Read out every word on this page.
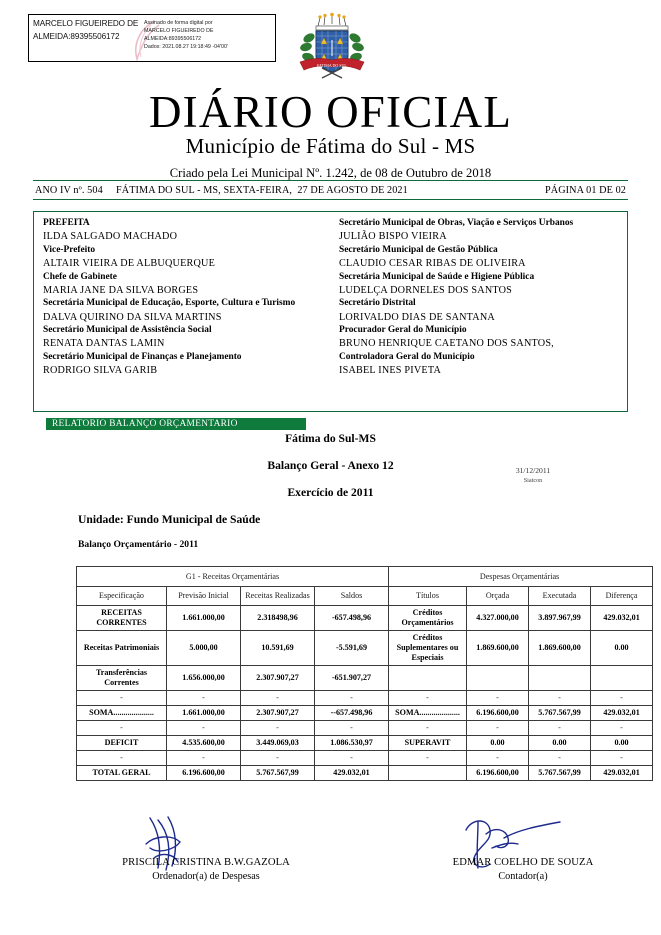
MARCELO FIGUEIREDO DE ALMEIDA:89395506172
Assinado de forma digital por
MARCELO FIGUEIREDO DE
ALMEIDA:89395506172
Dados: 2021.08.27 19:18:49 -04'00'
FATIMA DO SUL
DIÁRIO OFICIAL
Município de Fátima do Sul - MS
Criado pela Lei Municipal Nº. 1.242, de 08 de Outubro de 2018
ANO IV nº. 504     FÁTIMA DO SUL - MS, SEXTA-FEIRA,  27 DE AGOSTO DE 2021	PÁGINA 01 DE 02
PREFEITA
ILDA SALGADO MACHADO
Vice-Prefeito
ALTAIR VIEIRA DE ALBUQUERQUE
Chefe de Gabinete
MARIA JANE DA SILVA BORGES
Secretária Municipal de Educação, Esporte, Cultura e Turismo
DALVA QUIRINO DA SILVA MARTINS
Secretário Municipal de Assistência Social
RENATA DANTAS LAMIN
Secretário Municipal de Finanças e Planejamento
RODRIGO SILVA GARIB
Secretário Municipal de Obras, Viação e Serviços Urbanos
JULIÃO BISPO VIEIRA
Secretário Municipal de Gestão Pública
CLAUDIO CESAR RIBAS DE OLIVEIRA
Secretária Municipal de Saúde e Higiene Pública
LUDELÇA DORNELES DOS SANTOS
Secretário Distrital
LORIVALDO DIAS DE SANTANA
Procurador Geral do Município
BRUNO HENRIQUE CAETANO DOS SANTOS,
Controladora Geral do Município
ISABEL INES PIVETA
RELATORIO BALANÇO ORÇAMENTARIO
Fátima do Sul-MS
Balanço Geral - Anexo 12
Exercício de 2011
31/12/2011
Siatcon
Unidade: Fundo Municipal de Saúde
Balanço Orçamentário - 2011
G1 - Receitas Orçamentárias				Despesas Orçamentárias			
Especificação	Previsão Inicial	Receitas Realizadas	Saldos	Títulos	Orçada	Executada	Diferença
RECEITAS CORRENTES	1.661.000,00	2.318498,96	-657.498,96	Créditos Orçamentários	4.327.000,00	3.897.967,99	429.032,01
Receitas Patrimoniais	5.000,00	10.591,69	-5.591,69	Créditos Suplementares ou Especiais	1.869.600,00	1.869.600,00	0.00
Transferências Correntes	1.656.000,00	2.307.907,27	-651.907,27				
-	-	-	-	-	-	-	-
SOMA....................	1.661.000,00	2.307.907,27	--657.498,96	SOMA....................	6.196.600,00	5.767.567,99	429.032,01
-	-	-	-	-	-	-	-
DEFICIT	4.535.600,00	3.449.069,03	1.086.530,97	SUPERAVIT	0.00	0.00	0.00
-	-	-	-	-	-	-	-
TOTAL GERAL	6.196.600,00	5.767.567,99	429.032,01		6.196.600,00	5.767.567,99	429.032,01
PRISCILA CRISTINA B.W.GAZOLA
Ordenador(a) de Despesas
EDMAR COELHO DE SOUZA
Contador(a)
